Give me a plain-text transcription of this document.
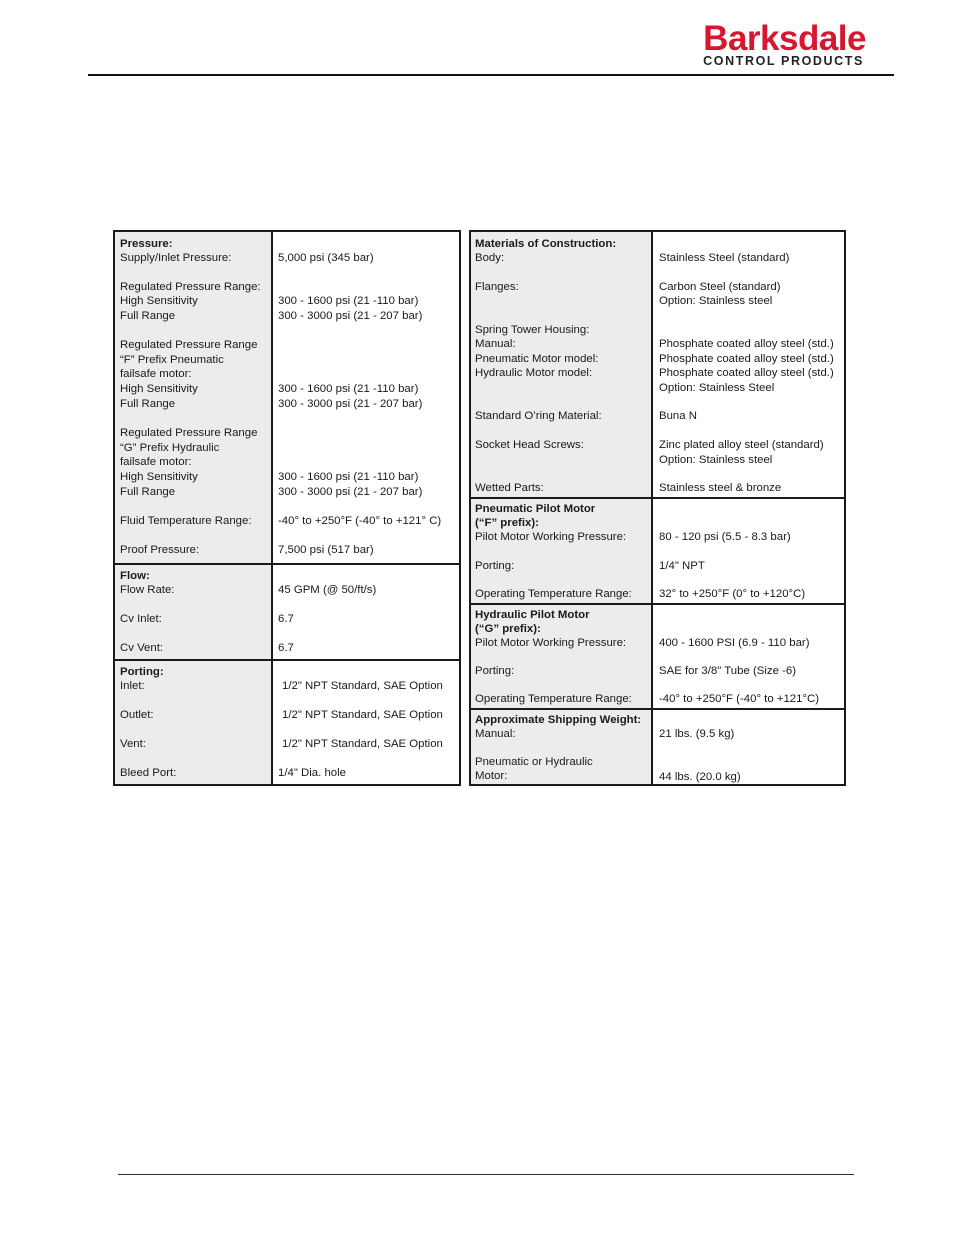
Barksdale
CONTROL PRODUCTS
Pressure:
Supply/Inlet Pressure:	5,000 psi (345 bar)
Regulated Pressure Range:
High Sensitivity	300 - 1600 psi (21 -110 bar)
Full Range	300 - 3000 psi (21 - 207 bar)
Regulated Pressure Range
“F” Prefix Pneumatic
failsafe motor:
High Sensitivity	300 - 1600 psi (21 -110 bar)
Full Range	300 - 3000 psi (21 - 207 bar)
Regulated Pressure Range
“G” Prefix Hydraulic
failsafe motor:
High Sensitivity	300 - 1600 psi (21 -110 bar)
Full Range	300 - 3000 psi (21 - 207 bar)
Fluid Temperature Range: -40° to +250°F (-40° to +121° C)
Proof Pressure:	7,500 psi (517 bar)
Flow:
Flow Rate:	45 GPM (@ 50/ft/s)
Cv Inlet:	6.7
Cv Vent:	6.7
Porting:
Inlet:	1/2" NPT Standard, SAE Option
Outlet:	1/2" NPT Standard, SAE Option
Vent:	1/2" NPT Standard, SAE Option
Bleed Port:	1/4" Dia. hole
Materials of Construction:
Body:	Stainless Steel (standard)
Flanges:	Carbon Steel (standard)
Option: Stainless steel
Spring Tower Housing:
Manual:	Phosphate coated alloy steel (std.)
Pneumatic Motor model:	Phosphate coated alloy steel (std.)
Hydraulic Motor model:	Phosphate coated alloy steel (std.)
Option: Stainless Steel
Standard O’ring Material:	Buna N
Socket Head Screws:	Zinc plated alloy steel (standard)
Option: Stainless steel
Wetted Parts:	Stainless steel & bronze
Pneumatic Pilot Motor
(“F” prefix):
Pilot Motor Working Pressure:	80 - 120 psi (5.5 - 8.3 bar)
Porting:	1/4" NPT
Operating Temperature Range: 32° to +250°F (0° to +120°C)
Hydraulic Pilot Motor
(“G” prefix):
Pilot Motor Working Pressure:	400 - 1600 PSI (6.9 - 110 bar)
Porting:	SAE for 3/8" Tube (Size -6)
Operating Temperature Range: -40° to +250°F (-40° to +121°C)
Approximate Shipping Weight:
Manual:	21 lbs. (9.5 kg)
Pneumatic or Hydraulic
Motor:	44 lbs. (20.0 kg)
